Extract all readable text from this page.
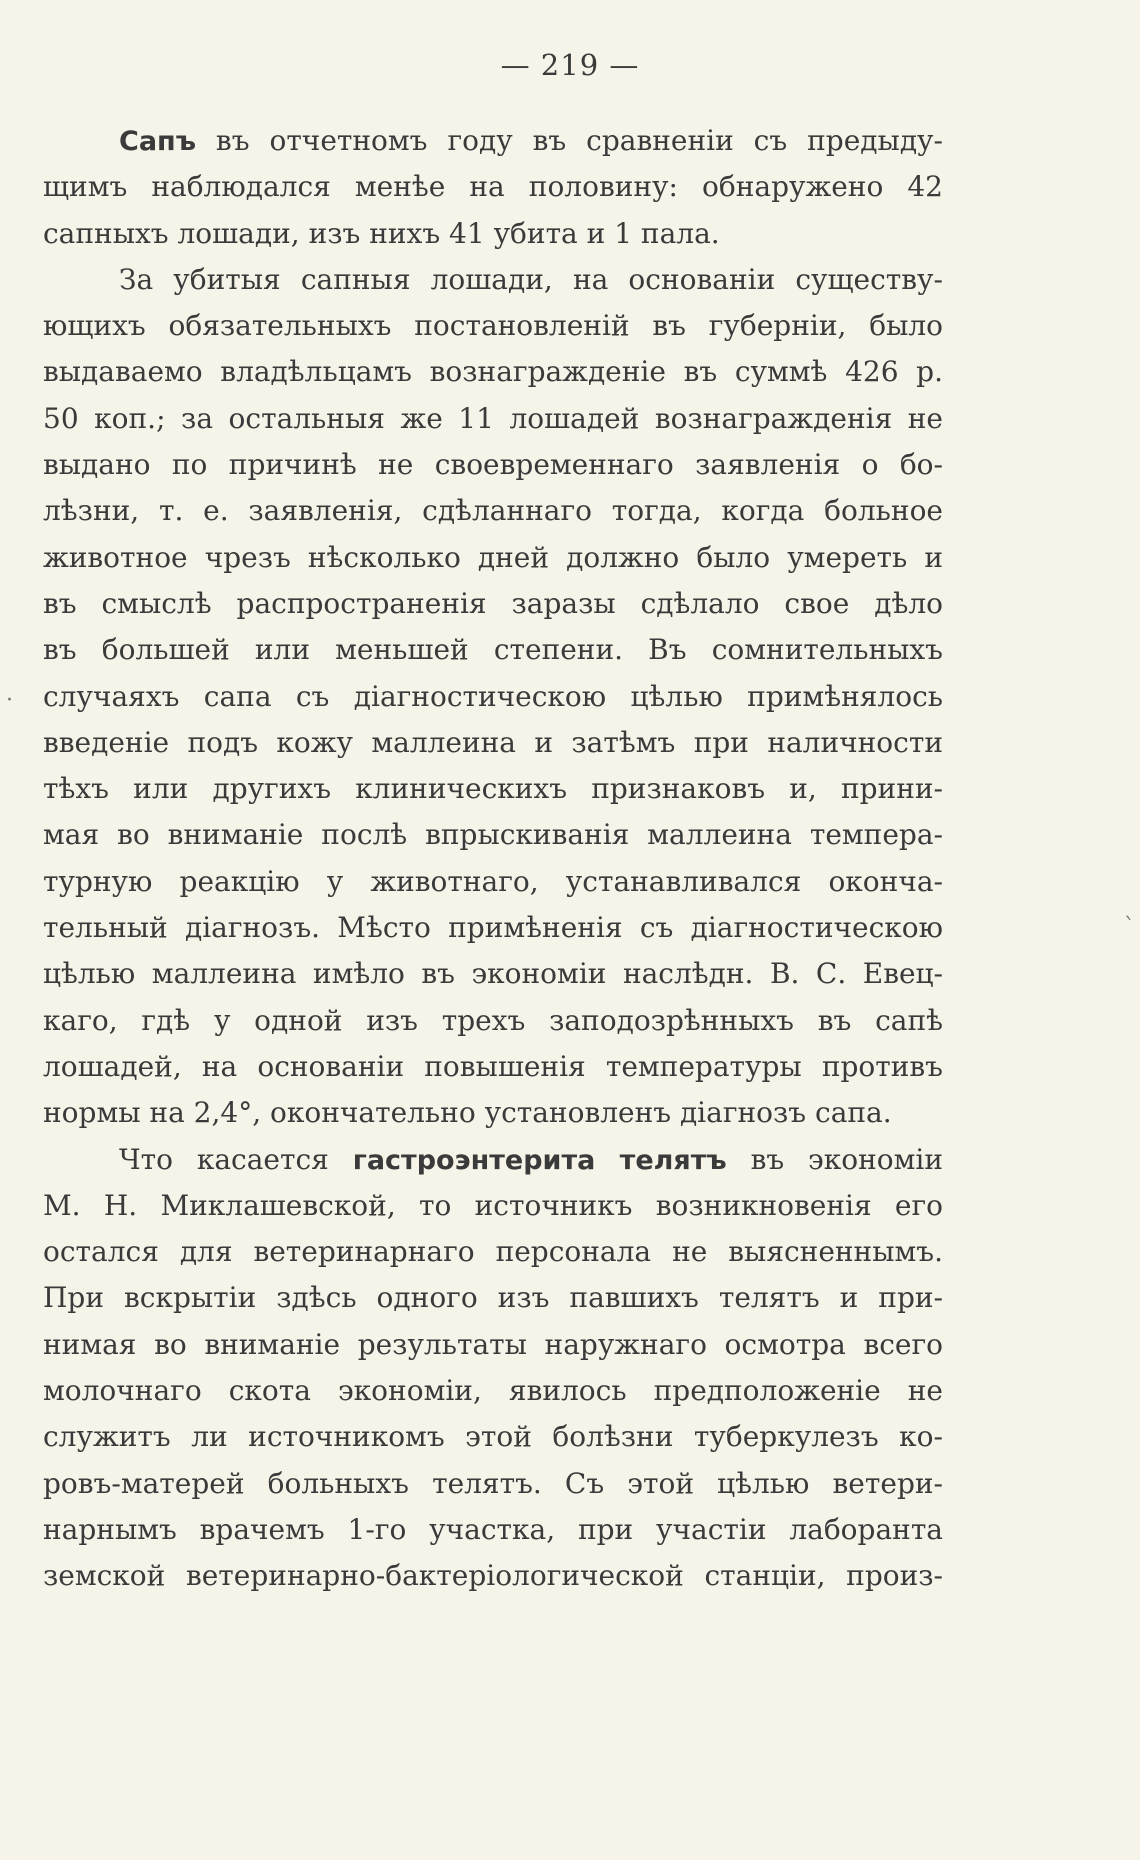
— 219 —
Сапъ въ отчетномъ году въ сравненіи съ предыду-
щимъ наблюдался менѣе на половину: обнаружено 42
сапныхъ лошади, изъ нихъ 41 убита и 1 пала.
За убитыя сапныя лошади, на основаніи существу-
ющихъ обязательныхъ постановленій въ губерніи, было
выдаваемо владѣльцамъ вознагражденіе въ суммѣ 426 р.
50 коп.; за остальныя же 11 лошадей вознагражденія не
выдано по причинѣ не своевременнаго заявленія о бо-
лѣзни, т. е. заявленія, сдѣланнаго тогда, когда больное
животное чрезъ нѣсколько дней должно было умереть и
въ смыслѣ распространенія заразы сдѣлало свое дѣло
въ большей или меньшей степени. Въ сомнительныхъ
случаяхъ сапа съ діагностическою цѣлью примѣнялось
введеніе подъ кожу маллеина и затѣмъ при наличности
тѣхъ или другихъ клиническихъ признаковъ и, прини-
мая во вниманіе послѣ впрыскиванія маллеина темпера-
турную реакцію у животнаго, устанавливался оконча-
тельный діагнозъ. Мѣсто примѣненія съ діагностическою
цѣлью маллеина имѣло въ экономіи наслѣдн. В. С. Евец-
каго, гдѣ у одной изъ трехъ заподозрѣнныхъ въ сапѣ
лошадей, на основаніи повышенія температуры противъ
нормы на 2,4°, окончательно установленъ діагнозъ сапа.
Что касается гастроэнтерита телятъ въ экономіи
М. Н. Миклашевской, то источникъ возникновенія его
остался для ветеринарнаго персонала не выясненнымъ.
При вскрытіи здѣсь одного изъ павшихъ телятъ и при-
нимая во вниманіе результаты наружнаго осмотра всего
молочнаго скота экономіи, явилось предположеніе не
служитъ ли источникомъ этой болѣзни туберкулезъ ко-
ровъ-матерей больныхъ телятъ. Съ этой цѣлью ветери-
нарнымъ врачемъ 1-го участка, при участіи лаборанта
земской ветеринарно-бактеріологической станціи, произ-
·
ˋ
